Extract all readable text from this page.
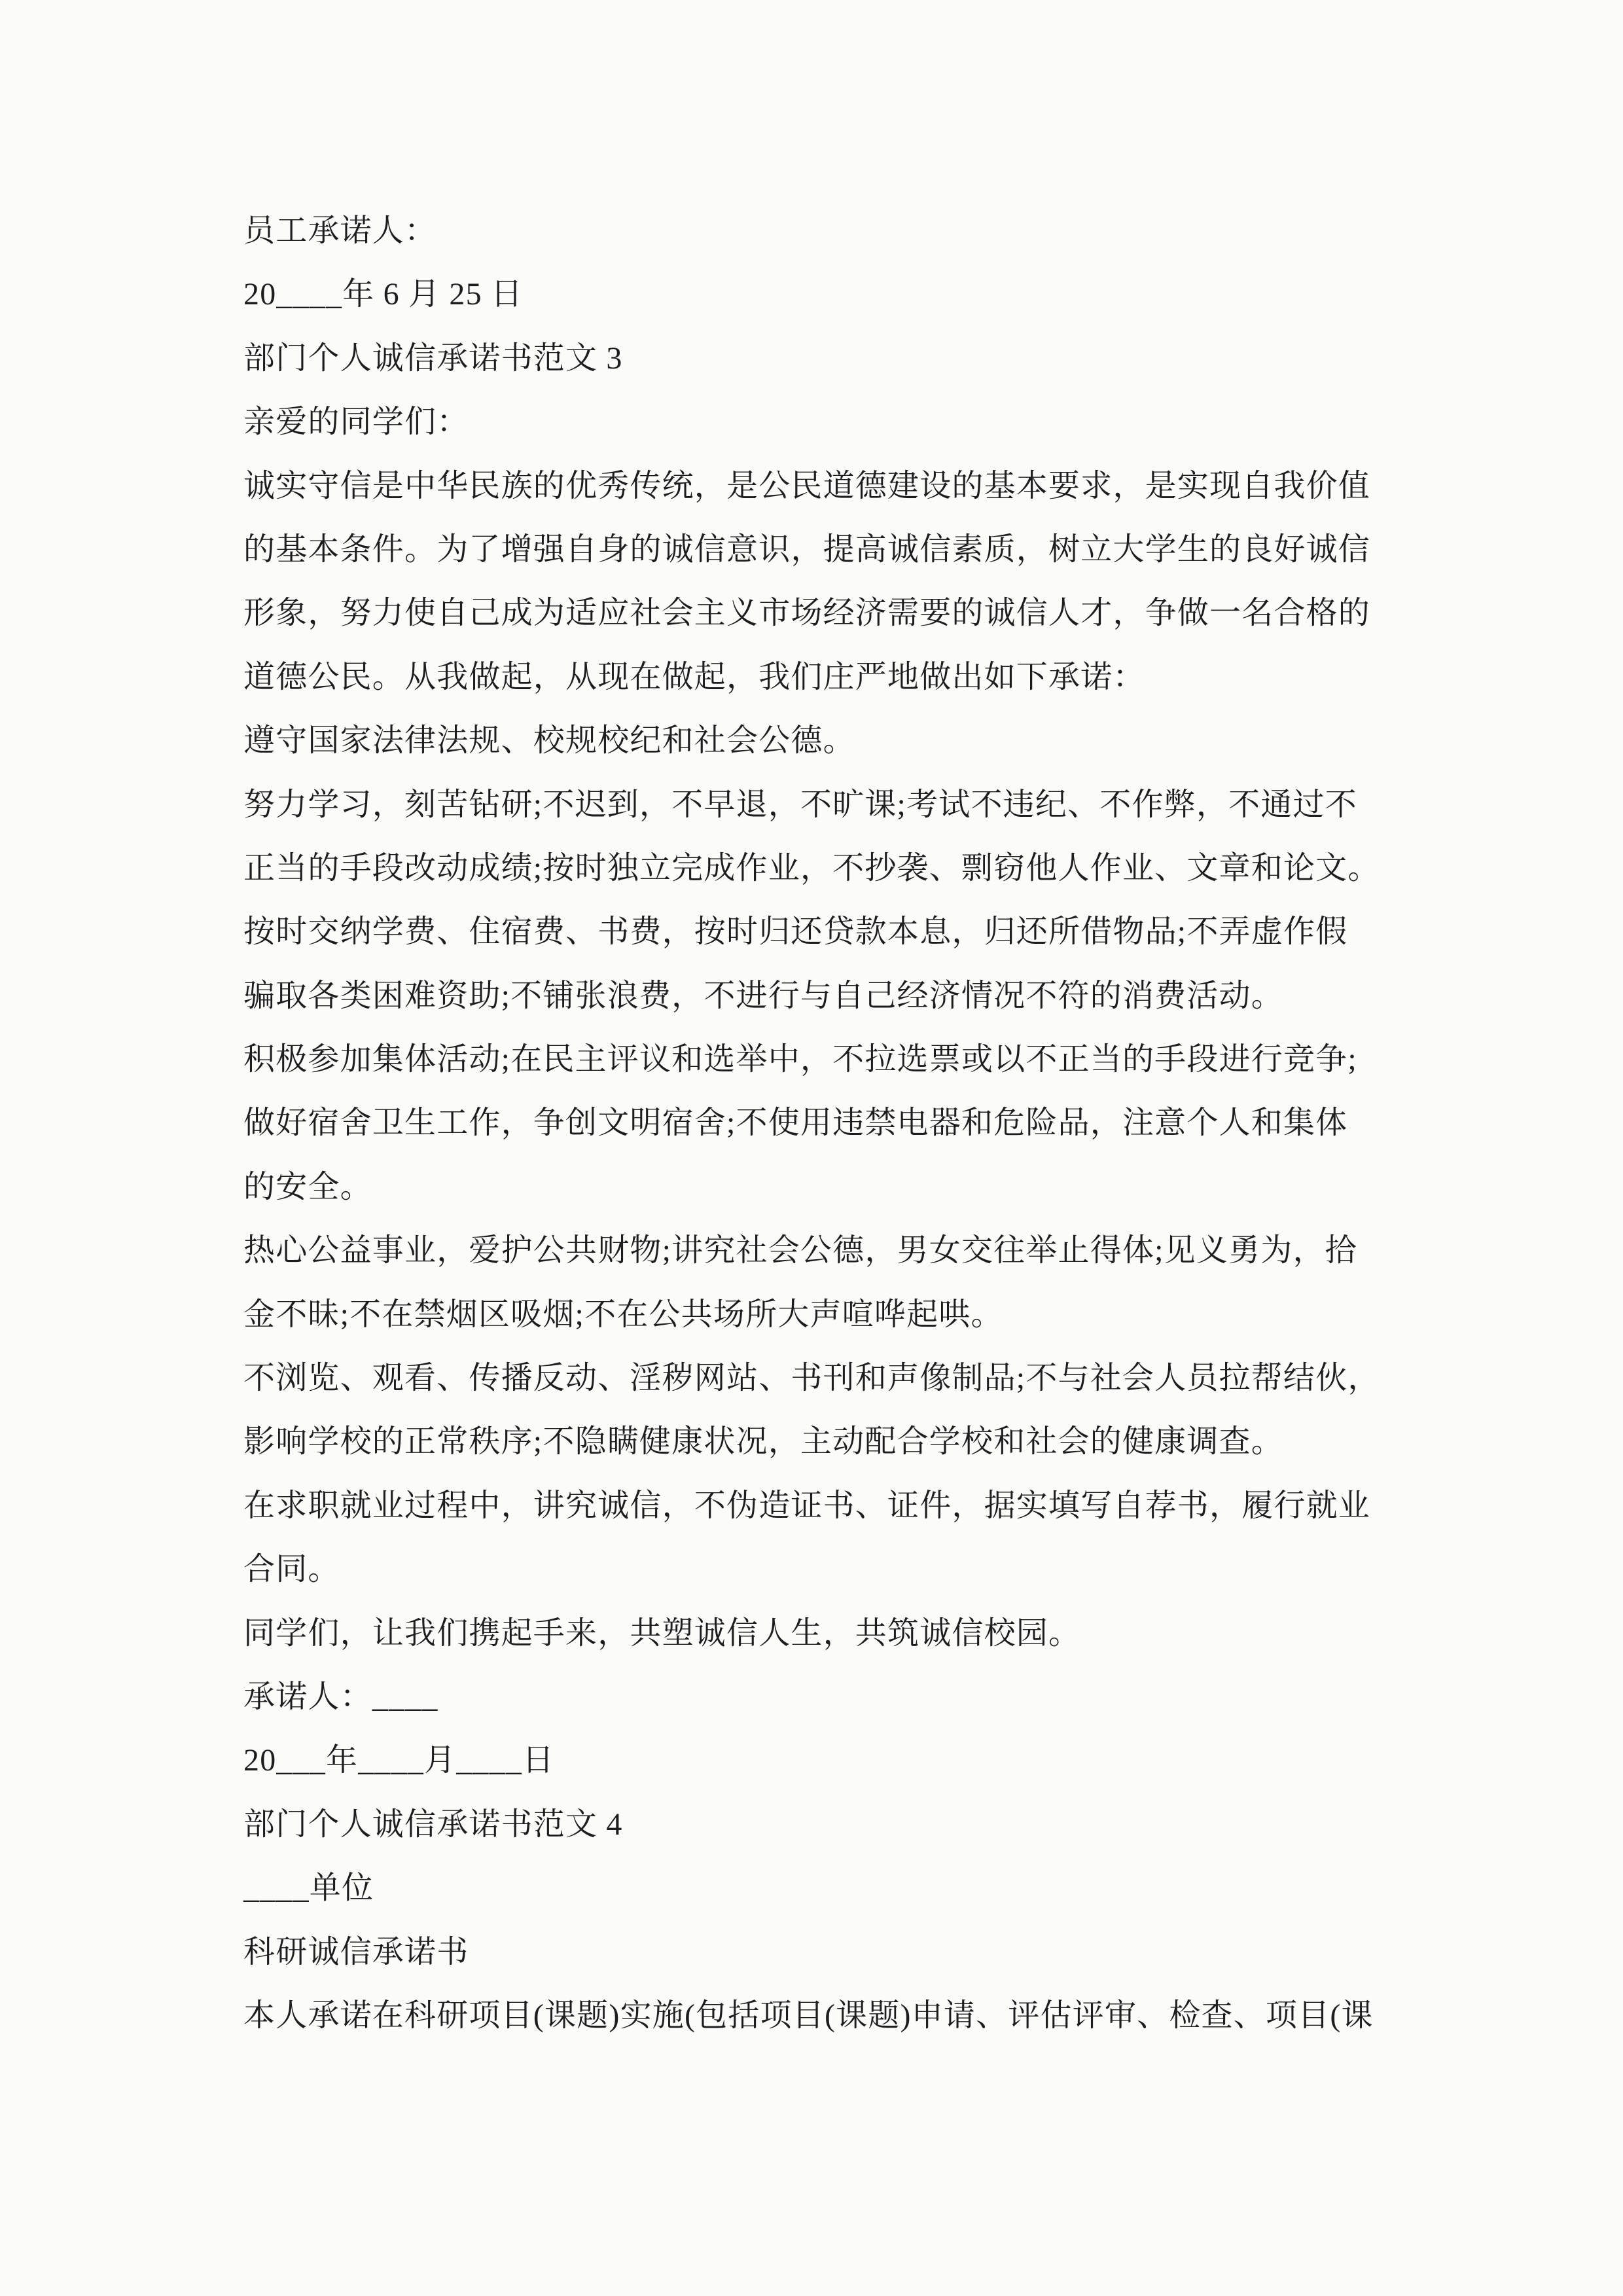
员工承诺人：
20____年 6 月 25 日
部门个人诚信承诺书范文 3
亲爱的同学们：
诚实守信是中华民族的优秀传统，是公民道德建设的基本要求，是实现自我价值
的基本条件。为了增强自身的诚信意识，提高诚信素质，树立大学生的良好诚信
形象，努力使自己成为适应社会主义市场经济需要的诚信人才，争做一名合格的
道德公民。从我做起，从现在做起，我们庄严地做出如下承诺：
遵守国家法律法规、校规校纪和社会公德。
努力学习，刻苦钻研;不迟到，不早退，不旷课;考试不违纪、不作弊，不通过不
正当的手段改动成绩;按时独立完成作业，不抄袭、剽窃他人作业、文章和论文。
按时交纳学费、住宿费、书费，按时归还贷款本息，归还所借物品;不弄虚作假
骗取各类困难资助;不铺张浪费，不进行与自己经济情况不符的消费活动。
积极参加集体活动;在民主评议和选举中，不拉选票或以不正当的手段进行竞争;
做好宿舍卫生工作，争创文明宿舍;不使用违禁电器和危险品，注意个人和集体
的安全。
热心公益事业，爱护公共财物;讲究社会公德，男女交往举止得体;见义勇为，拾
金不昧;不在禁烟区吸烟;不在公共场所大声喧哗起哄。
不浏览、观看、传播反动、淫秽网站、书刊和声像制品;不与社会人员拉帮结伙，
影响学校的正常秩序;不隐瞒健康状况，主动配合学校和社会的健康调查。
在求职就业过程中，讲究诚信，不伪造证书、证件，据实填写自荐书，履行就业
合同。
同学们，让我们携起手来，共塑诚信人生，共筑诚信校园。
承诺人：____
20___年____月____日
部门个人诚信承诺书范文 4
____单位
科研诚信承诺书
本人承诺在科研项目(课题)实施(包括项目(课题)申请、评估评审、检查、项目(课
